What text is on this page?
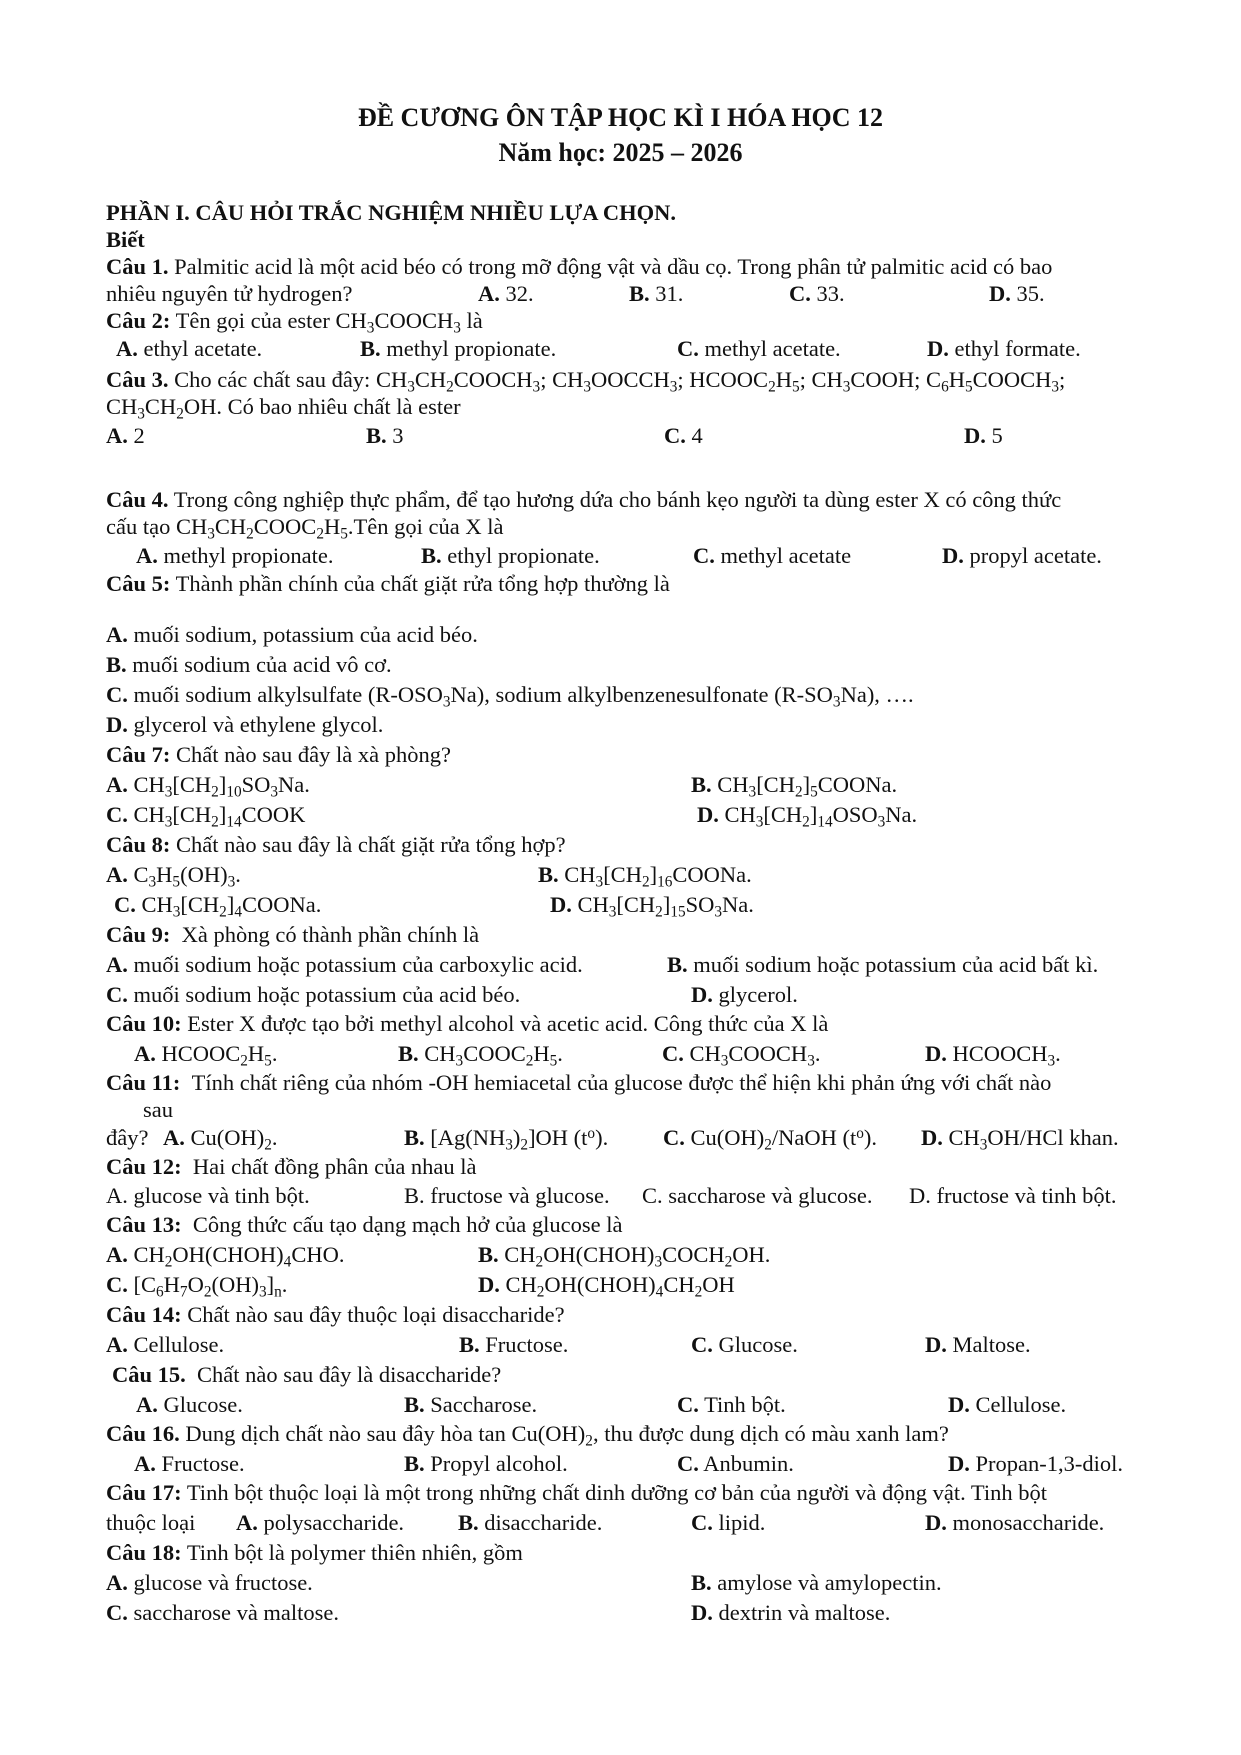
ĐỀ CƯƠNG ÔN TẬP HỌC KÌ I HÓA HỌC 12
Năm học: 2025 – 2026
PHẦN I. CÂU HỎI TRẮC NGHIỆM NHIỀU LỰA CHỌN.
Biết
Câu 1. Palmitic acid là một acid béo có trong mỡ động vật và dầu cọ. Trong phân tử palmitic acid có bao
nhiêu nguyên tử hydrogen?	A. 32.	B. 31.	C. 33.	D. 35.
Câu 2: Tên gọi của ester $CH_3COOCH_3$ là
A. ethyl acetate.	B. methyl propionate.	C. methyl acetate.	D. ethyl formate.
Câu 3. Cho các chất sau đây: $CH_3CH_2COOCH_3$; $CH_3OOCCH_3$; $HCOOC_2H_5$; $CH_3COOH$; $C_6H_5COOCH_3$;
$CH_3CH_2OH$. Có bao nhiêu chất là ester
A. 2	B. 3	C. 4	D. 5
Câu 4. Trong công nghiệp thực phẩm, để tạo hương dứa cho bánh kẹo người ta dùng ester X có công thức
cấu tạo $CH_3CH_2COOC_2H_5.Tên$ gọi của X là
A. methyl propionate.	B. ethyl propionate.	C. methyl acetate	D. propyl acetate.
Câu 5: Thành phần chính của chất giặt rửa tổng hợp thường là
A. muối sodium, potassium của acid béo.
B. muối sodium của acid vô cơ.
C. muối sodium alkylsulfate $(R-OSO_3Na)$, sodium alkylbenzenesulfonate $(R-SO_3Na)$, ….
D. glycerol và ethylene glycol.
Câu 7: Chất nào sau đây là xà phòng?
A. $CH_3[CH_2]_{10}SO_3Na$.	B. $CH_3[CH_2]_5COONa$.
C. $CH_3[CH_2]_{14}COOK$	D. $CH_3[CH_2]_{14}OSO_3Na$.
Câu 8: Chất nào sau đây là chất giặt rửa tổng hợp?
A. $C_3H_5(OH)_3$.	B. $CH_3[CH_2]_{16}COONa$.
C. $CH_3[CH_2]_4COONa$.	D. $CH_3[CH_2]_{15}SO_3Na$.
Câu 9: Xà phòng có thành phần chính là
A. muối sodium hoặc potassium của carboxylic acid.	B. muối sodium hoặc potassium của acid bất kì.
C. muối sodium hoặc potassium của acid béo.	D. glycerol.
Câu 10: Ester X được tạo bởi methyl alcohol và acetic acid. Công thức của X là
A. $HCOOC_2H_5$.	B. $CH_3COOC_2H_5$.	C. $CH_3COOCH_3$.	D. $HCOOCH_3$.
Câu 11: Tính chất riêng của nhóm -OH hemiacetal của glucose được thể hiện khi phản ứng với chất nào
sau
đây? A. $Cu(OH)_2$.	B. $[Ag(NH_3)_2]OH$ $(t^o)$. C. $Cu(OH)_2$/NaOH $(t^o)$. D. $CH_3OH$/HCl khan.
Câu 12: Hai chất đồng phân của nhau là
A. glucose và tinh bột.	B. fructose và glucose. C. saccharose và glucose. D. fructose và tinh bột.
Câu 13: Công thức cấu tạo dạng mạch hở của glucose là
A. $CH_2OH(CHOH)_4CHO$.	B. $CH_2OH(CHOH)_3COCH_2OH$.
C. $[C_6H_7O_2(OH)_3]_n$.	D. $CH_2OH(CHOH)_4CH_2OH$
Câu 14: Chất nào sau đây thuộc loại disaccharide?
A. Cellulose.	B. Fructose.	C. Glucose.	D. Maltose.
Câu 15. Chất nào sau đây là disaccharide?
A. Glucose.	B. Saccharose.	C. Tinh bột.	D. Cellulose.
Câu 16. Dung dịch chất nào sau đây hòa $\tan Cu(OH)_2$, thu được dung dịch có màu xanh lam?
A. Fructose.	B. Propyl alcohol.	C. Anbumin.	D. Propan-1,3-diol.
Câu 17: Tinh bột thuộc loại là một trong những chất dinh dưỡng cơ bản của người và động vật. Tinh bột
thuộc loại A. polysaccharide. B. disaccharide.	C. lipid.	D. monosaccharide.
Câu 18: Tinh bột là polymer thiên nhiên, gồm
A. glucose và fructose.	B. amylose và amylopectin.
C. saccharose và maltose.	D. dextrin và maltose.
